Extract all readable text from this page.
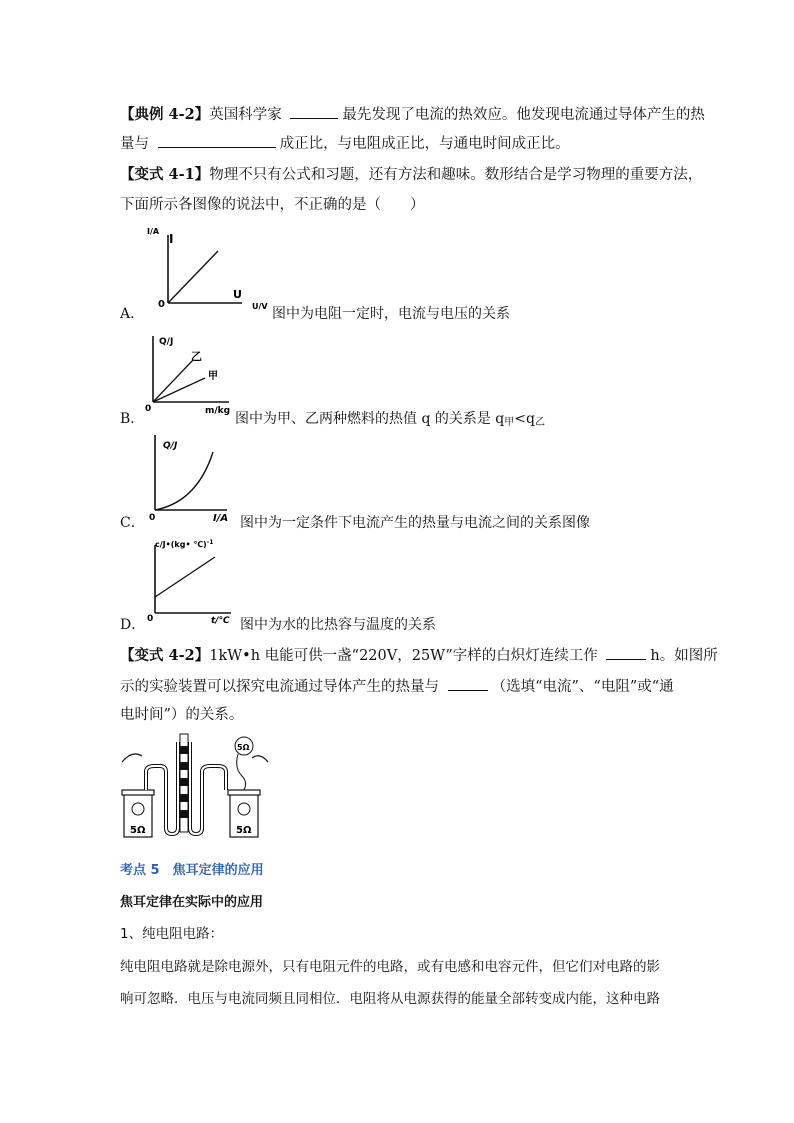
【典例 4-2】英国科学家	最先发现了电流的热效应。他发现电流通过导体产生的热
量与	成正比，与电阻成正比，与通电时间成正比。
【变式 4-1】物理不只有公式和习题，还有方法和趣味。数形结合是学习物理的重要方法，
下面所示各图像的说法中，不正确的是（　　）
I/A
I
U
0	U/V
A．	图中为电阻一定时，电流与电压的关系
Q/J
乙
甲
0	m/kg
B．	图中为甲、乙两种燃料的热值 q 的关系是 $q_甲<q_乙$
Q/J
0	I/A
C．	图中为一定条件下电流产生的热量与电流之间的关系图像
c/J•(kg• ℃)$^{-1}$
0	t/℃
D．	图中为水的比热容与温度的关系
【变式 4-2】1kW•h 电能可供一盏“220V，25W”字样的白炽灯连续工作	h。如图所
示的实验装置可以探究电流通过导体产生的热量与	（选填“电流”、“电阻”或“通
电时间”）的关系。
5Ω	5Ω
5Ω
考点 5　焦耳定律的应用
焦耳定律在实际中的应用
1、纯电阻电路：
纯电阻电路就是除电源外，只有电阻元件的电路，或有电感和电容元件，但它们对电路的影
响可忽略．电压与电流同频且同相位．电阻将从电源获得的能量全部转变成内能，这种电路
